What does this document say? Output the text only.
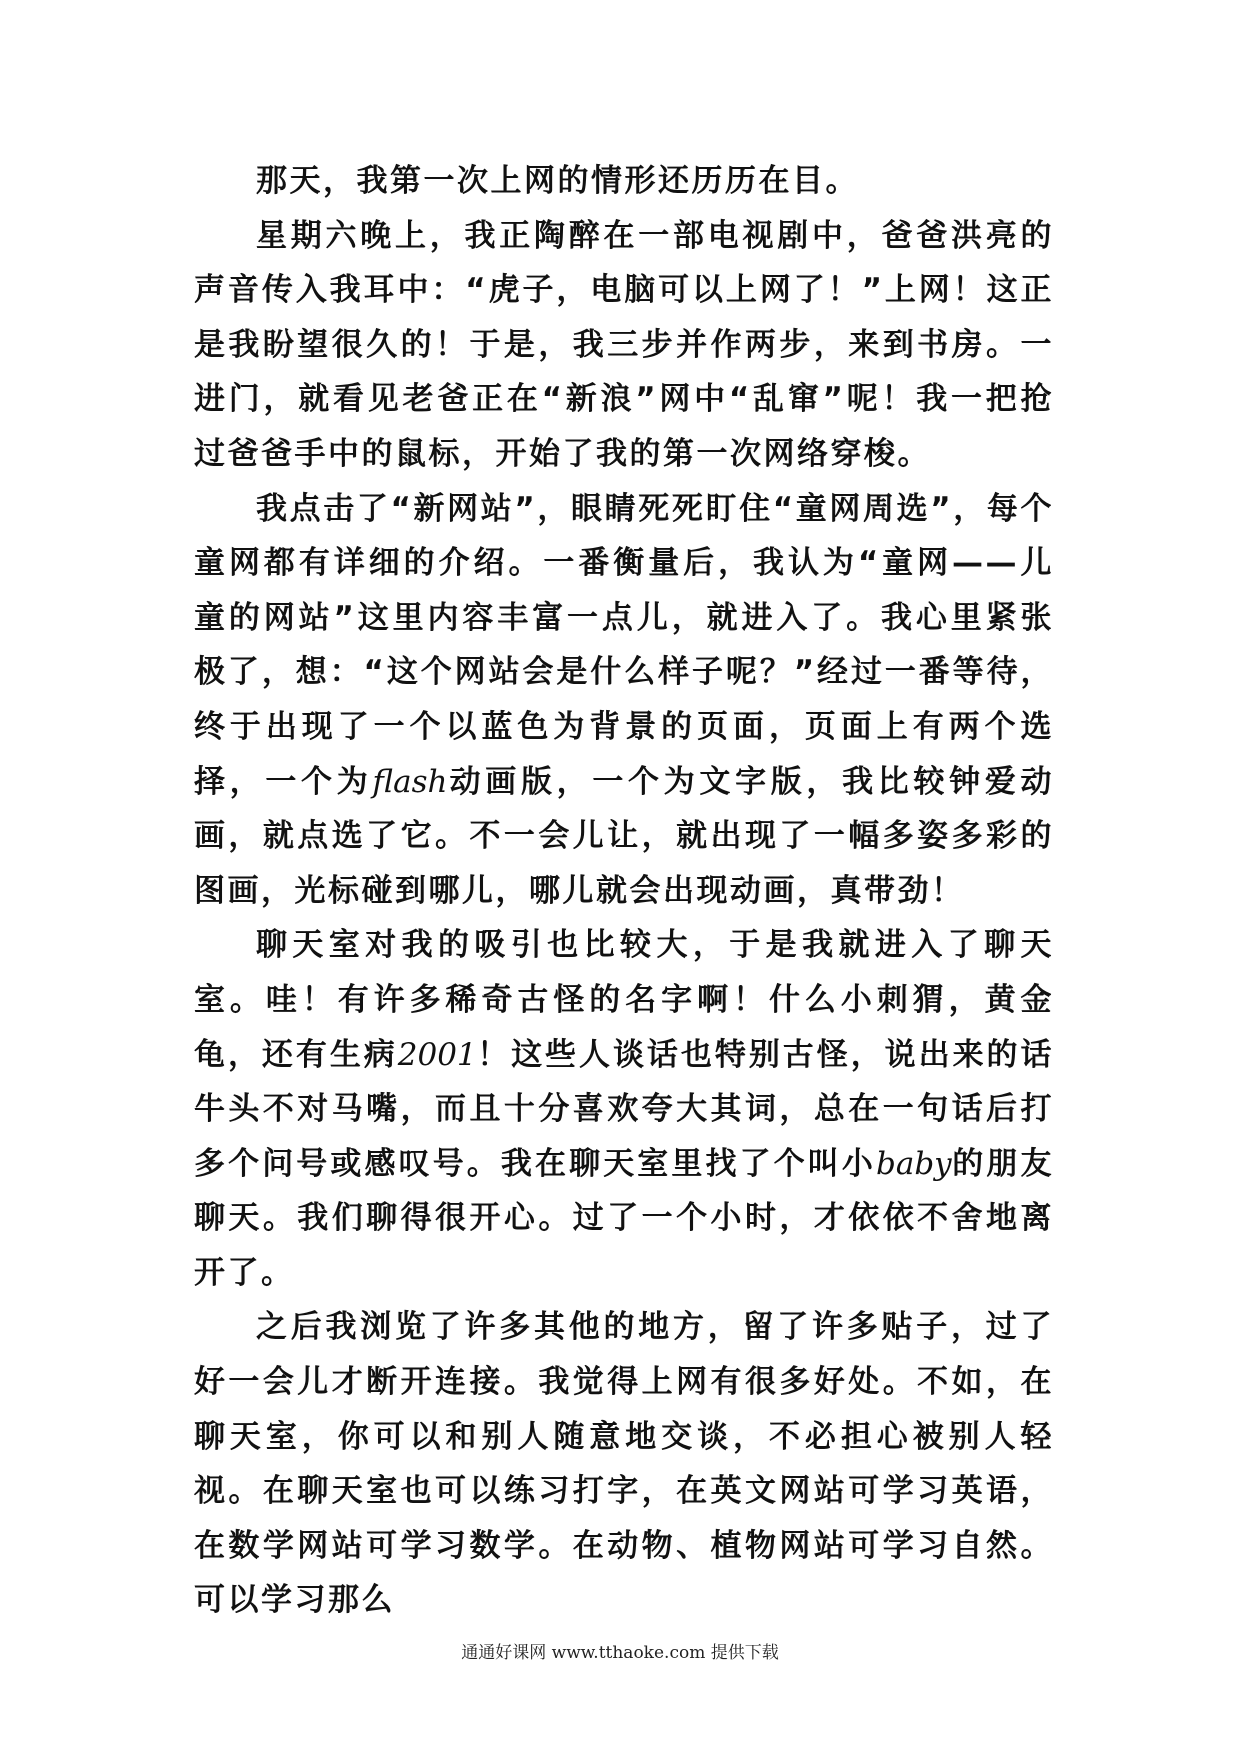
那天，我第一次上网的情形还历历在目。

星期六晚上，我正陶醉在一部电视剧中，爸爸洪亮的声音传入我耳中：“虎子，电脑可以上网了！”上网！这正是我盼望很久的！于是，我三步并作两步，来到书房。一进门，就看见老爸正在“新浪”网中“乱窜”呢！我一把抢过爸爸手中的鼠标，开始了我的第一次网络穿梭。

我点击了“新网站”，眼睛死死盯住“童网周选”，每个童网都有详细的介绍。一番衡量后，我认为“童网——儿童的网站”这里内容丰富一点儿，就进入了。我心里紧张极了，想：“这个网站会是什么样子呢？”经过一番等待，终于出现了一个以蓝色为背景的页面，页面上有两个选择，一个为flash动画版，一个为文字版，我比较钟爱动画，就点选了它。不一会儿让，就出现了一幅多姿多彩的图画，光标碰到哪儿，哪儿就会出现动画，真带劲！

聊天室对我的吸引也比较大，于是我就进入了聊天室。哇！有许多稀奇古怪的名字啊！什么小刺猬，黄金龟，还有生病2001！这些人谈话也特别古怪，说出来的话牛头不对马嘴，而且十分喜欢夸大其词，总在一句话后打多个问号或感叹号。我在聊天室里找了个叫小baby的朋友聊天。我们聊得很开心。过了一个小时，才依依不舍地离开了。

之后我浏览了许多其他的地方，留了许多贴子，过了好一会儿才断开连接。我觉得上网有很多好处。不如，在聊天室，你可以和别人随意地交谈，不必担心被别人轻视。在聊天室也可以练习打字，在英文网站可学习英语，在数学网站可学习数学。在动物、植物网站可学习自然。可以学习那么

通通好课网 www.tthaoke.com 提供下载
